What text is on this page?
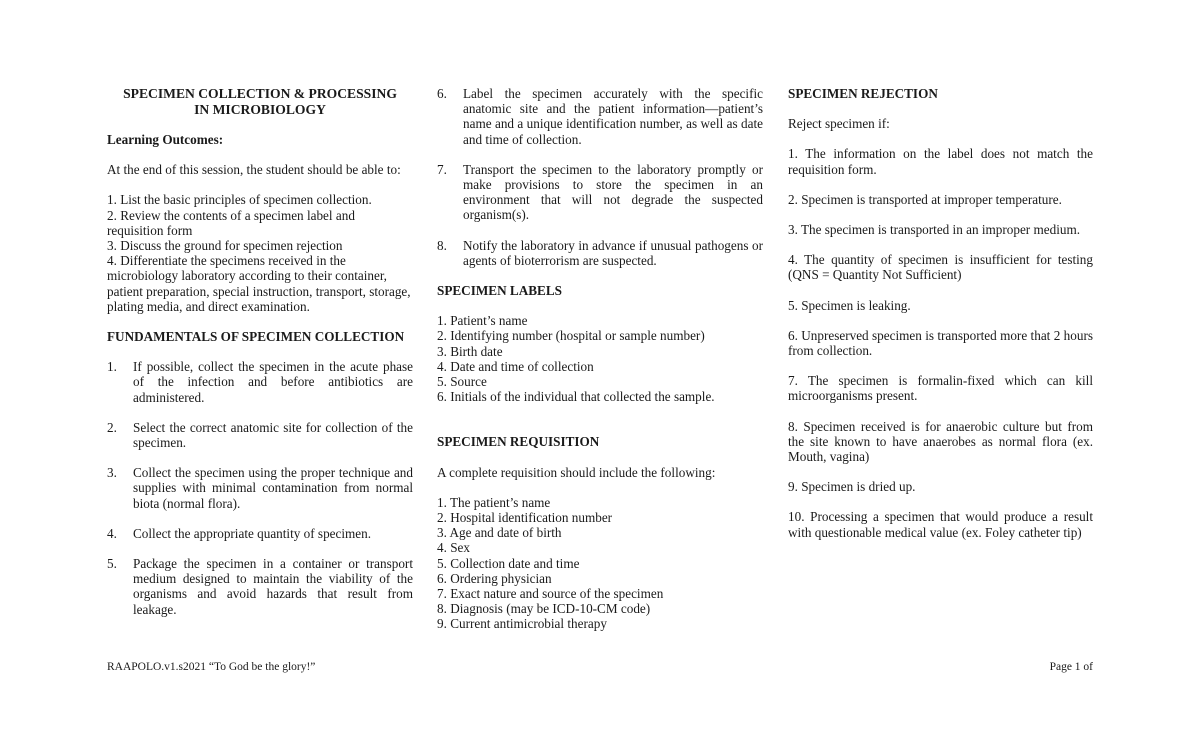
SPECIMEN COLLECTION & PROCESSING
IN MICROBIOLOGY

Learning Outcomes:

At the end of this session, the student should be able to:

1. List the basic principles of specimen collection.
2. Review the contents of a specimen label and requisition form
3. Discuss the ground for specimen rejection
4. Differentiate the specimens received in the microbiology laboratory according to their container, patient preparation, special instruction, transport, storage, plating media, and direct examination.

FUNDAMENTALS OF SPECIMEN COLLECTION

1.	If possible, collect the specimen in the acute phase of the infection and before antibiotics are administered.
2.	Select the correct anatomic site for collection of the specimen.
3.	Collect the specimen using the proper technique and supplies with minimal contamination from normal biota (normal flora).
4.	Collect the appropriate quantity of specimen.
5.	Package the specimen in a container or transport medium designed to maintain the viability of the organisms and avoid hazards that result from leakage.
6.	Label the specimen accurately with the specific anatomic site and the patient information—patient’s name and a unique identification number, as well as date and time of collection.
7.	Transport the specimen to the laboratory promptly or make provisions to store the specimen in an environment that will not degrade the suspected organism(s).
8.	Notify the laboratory in advance if unusual pathogens or agents of bioterrorism are suspected.

SPECIMEN LABELS

1. Patient’s name
2. Identifying number (hospital or sample number)
3. Birth date
4. Date and time of collection
5. Source
6. Initials of the individual that collected the sample.

SPECIMEN REQUISITION

A complete requisition should include the following:

1. The patient’s name
2. Hospital identification number
3. Age and date of birth
4. Sex
5. Collection date and time
6. Ordering physician
7. Exact nature and source of the specimen
8. Diagnosis (may be ICD-10-CM code)
9. Current antimicrobial therapy

SPECIMEN REJECTION

Reject specimen if:

1. The information on the label does not match the requisition form.

2. Specimen is transported at improper temperature.

3. The specimen is transported in an improper medium.

4. The quantity of specimen is insufficient for testing (QNS = Quantity Not Sufficient)

5. Specimen is leaking.

6. Unpreserved specimen is transported more that 2 hours from collection.

7. The specimen is formalin-fixed which can kill microorganisms present.

8. Specimen received is for anaerobic culture but from the site known to have anaerobes as normal flora (ex. Mouth, vagina)

9. Specimen is dried up.

10. Processing a specimen that would produce a result with questionable medical value (ex. Foley catheter tip)

RAAPOLO.v1.s2021 “To God be the glory!”	Page 1 of
